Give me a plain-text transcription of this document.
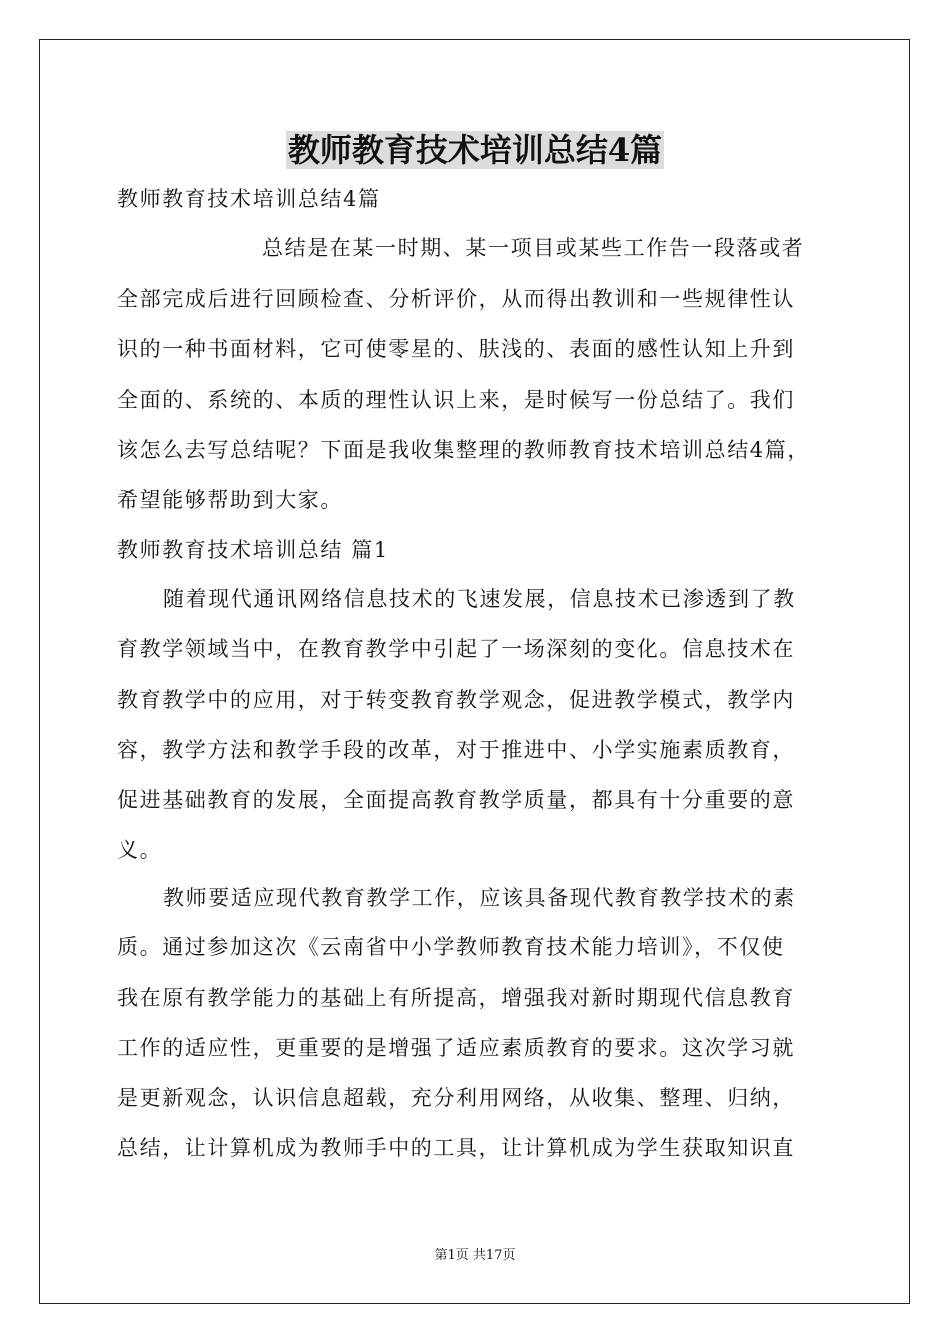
教师教育技术培训总结4篇

教师教育技术培训总结4篇

总结是在某一时期、某一项目或某些工作告一段落或者

全部完成后进行回顾检查、分析评价，从而得出教训和一些规律性认

识的一种书面材料，它可使零星的、肤浅的、表面的感性认知上升到

全面的、系统的、本质的理性认识上来，是时候写一份总结了。我们

该怎么去写总结呢？下面是我收集整理的教师教育技术培训总结4篇，

希望能够帮助到大家。

教师教育技术培训总结 篇1

随着现代通讯网络信息技术的飞速发展，信息技术已渗透到了教

育教学领域当中，在教育教学中引起了一场深刻的变化。信息技术在

教育教学中的应用，对于转变教育教学观念，促进教学模式，教学内

容，教学方法和教学手段的改革，对于推进中、小学实施素质教育，

促进基础教育的发展，全面提高教育教学质量，都具有十分重要的意

义。

教师要适应现代教育教学工作，应该具备现代教育教学技术的素

质。通过参加这次《云南省中小学教师教育技术能力培训》，不仅使

我在原有教学能力的基础上有所提高，增强我对新时期现代信息教育

工作的适应性，更重要的是增强了适应素质教育的要求。这次学习就

是更新观念，认识信息超载，充分利用网络，从收集、整理、归纳，

总结，让计算机成为教师手中的工具，让计算机成为学生获取知识直

第1页 共17页
